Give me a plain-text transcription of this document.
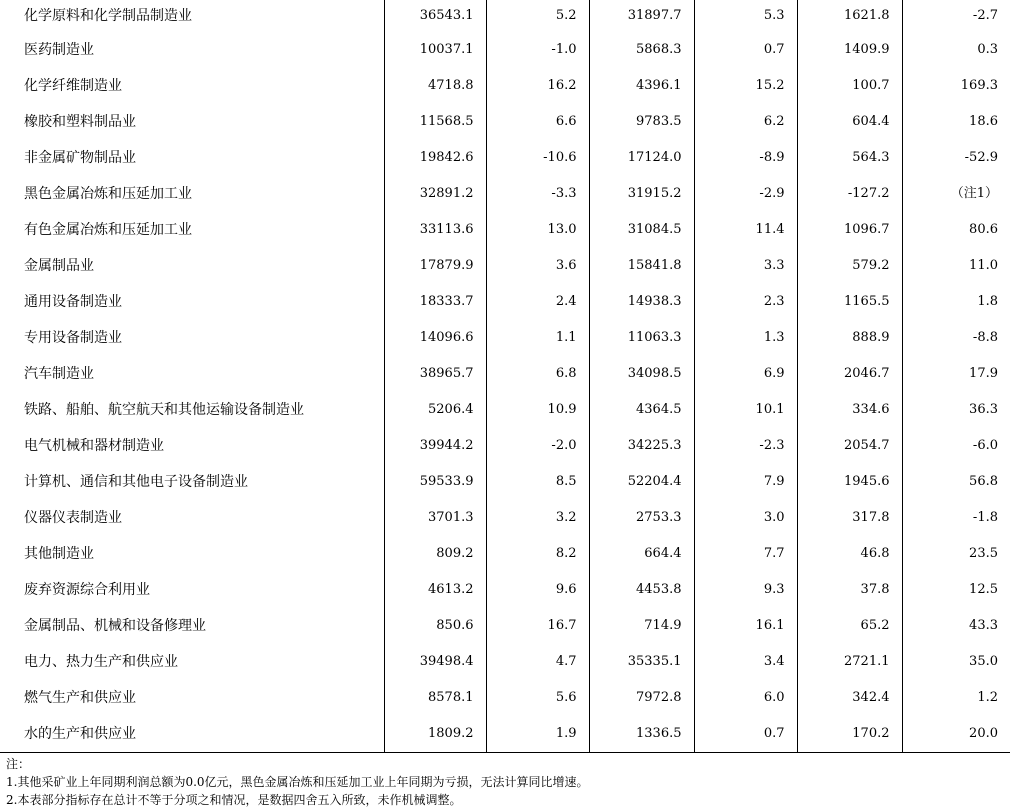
化学原料和化学制品制造业	36543.1	5.2	31897.7	5.3	1621.8	-2.7
医药制造业	10037.1	-1.0	5868.3	0.7	1409.9	0.3
化学纤维制造业	4718.8	16.2	4396.1	15.2	100.7	169.3
橡胶和塑料制品业	11568.5	6.6	9783.5	6.2	604.4	18.6
非金属矿物制品业	19842.6	-10.6	17124.0	-8.9	564.3	-52.9
黑色金属冶炼和压延加工业	32891.2	-3.3	31915.2	-2.9	-127.2	（注1）
有色金属冶炼和压延加工业	33113.6	13.0	31084.5	11.4	1096.7	80.6
金属制品业	17879.9	3.6	15841.8	3.3	579.2	11.0
通用设备制造业	18333.7	2.4	14938.3	2.3	1165.5	1.8
专用设备制造业	14096.6	1.1	11063.3	1.3	888.9	-8.8
汽车制造业	38965.7	6.8	34098.5	6.9	2046.7	17.9
铁路、船舶、航空航天和其他运输设备制造业	5206.4	10.9	4364.5	10.1	334.6	36.3
电气机械和器材制造业	39944.2	-2.0	34225.3	-2.3	2054.7	-6.0
计算机、通信和其他电子设备制造业	59533.9	8.5	52204.4	7.9	1945.6	56.8
仪器仪表制造业	3701.3	3.2	2753.3	3.0	317.8	-1.8
其他制造业	809.2	8.2	664.4	7.7	46.8	23.5
废弃资源综合利用业	4613.2	9.6	4453.8	9.3	37.8	12.5
金属制品、机械和设备修理业	850.6	16.7	714.9	16.1	65.2	43.3
电力、热力生产和供应业	39498.4	4.7	35335.1	3.4	2721.1	35.0
燃气生产和供应业	8578.1	5.6	7972.8	6.0	342.4	1.2
水的生产和供应业	1809.2	1.9	1336.5	0.7	170.2	20.0
注：
1.其他采矿业上年同期利润总额为0.0亿元，黑色金属冶炼和压延加工业上年同期为亏损，无法计算同比增速。
2.本表部分指标存在总计不等于分项之和情况，是数据四舍五入所致，未作机械调整。
